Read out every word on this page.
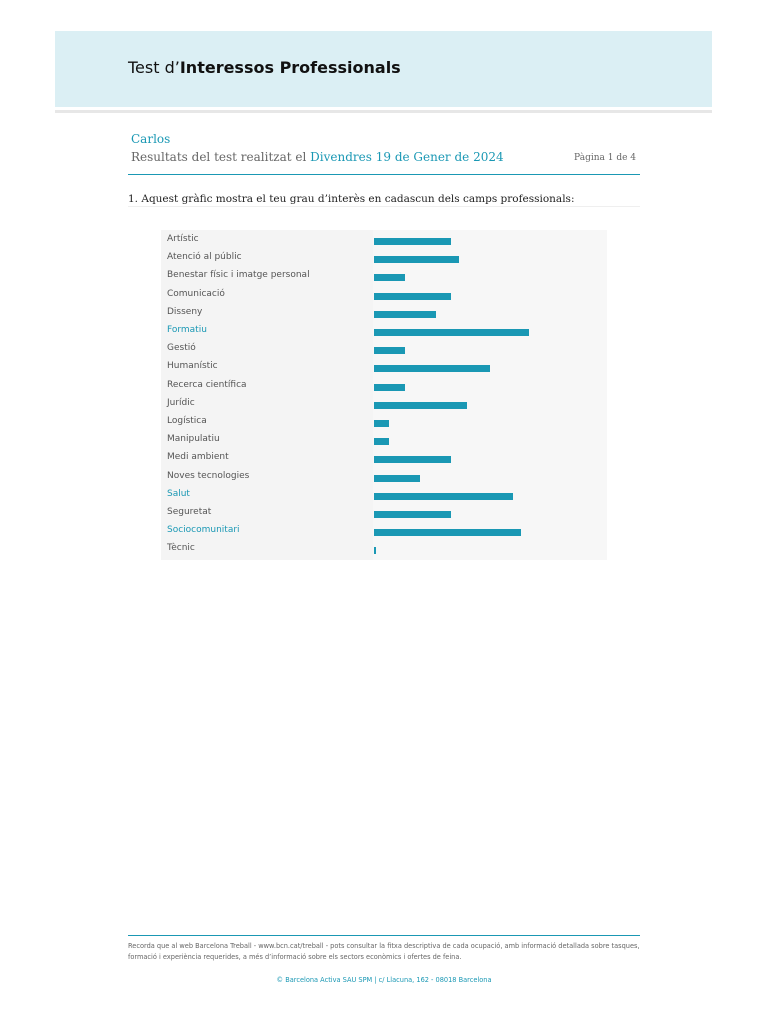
Test d’Interessos Professionals
Carlos
Resultats del test realitzat el Divendres 19 de Gener de 2024	Pàgina 1 de 4
1. Aquest gràfic mostra el teu grau d’interès en cadascun dels camps professionals:
Artístic
Atenció al públic
Benestar físic i imatge personal
Comunicació
Disseny
Formatiu
Gestió
Humanístic
Recerca científica
Jurídic
Logística
Manipulatiu
Medi ambient
Noves tecnologies
Salut
Seguretat
Sociocomunitari
Tècnic
Recorda que al web Barcelona Treball - www.bcn.cat/treball - pots consultar la fitxa descriptiva de cada ocupació, amb informació detallada sobre tasques, formació i experiència requerides, a més d’informació sobre els sectors econòmics i ofertes de feina.
© Barcelona Activa SAU SPM | c/ Llacuna, 162 - 08018 Barcelona
